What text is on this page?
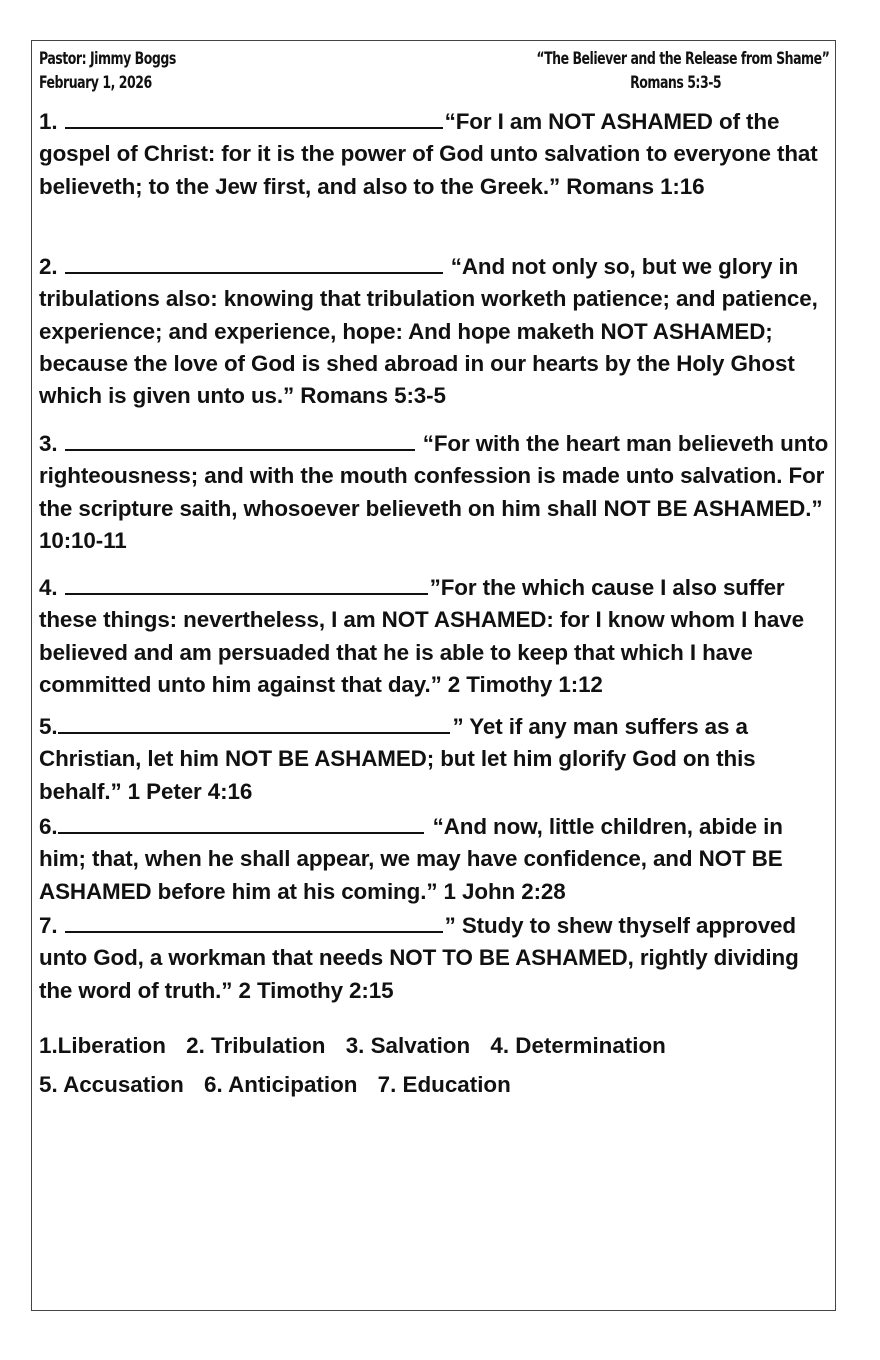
Pastor: Jimmy Boggs
February 1, 2026
“The Believer and the Release from Shame”
Romans 5:3-5
1.	“For I am NOT ASHAMED of the gospel of Christ: for it is the power of God unto salvation to everyone that believeth; to the Jew first, and also to the Greek.” Romans 1:16
2.	“And not only so, but we glory in tribulations also: knowing that tribulation worketh patience; and patience, experience; and experience, hope: And hope maketh NOT ASHAMED; because the love of God is shed abroad in our hearts by the Holy Ghost which is given unto us.” Romans 5:3-5
3.	“For with the heart man believeth unto righteousness; and with the mouth confession is made unto salvation. For the scripture saith, whosoever believeth on him shall NOT BE ASHAMED.” 10:10-11
4.	”For the which cause I also suffer these things: nevertheless, I am NOT ASHAMED: for I know whom I have believed and am persuaded that he is able to keep that which I have committed unto him against that day.” 2 Timothy 1:12
5.	” Yet if any man suffers as a Christian, let him NOT BE ASHAMED; but let him glorify God on this behalf.” 1 Peter 4:16
6.	“And now, little children, abide in him; that, when he shall appear, we may have confidence, and NOT BE ASHAMED before him at his coming.” 1 John 2:28
7.	” Study to shew thyself approved unto God, a workman that needs NOT TO BE ASHAMED, rightly dividing the word of truth.” 2 Timothy 2:15
1.Liberation 2. Tribulation 3. Salvation 4. Determination
5. Accusation 6. Anticipation 7. Education
